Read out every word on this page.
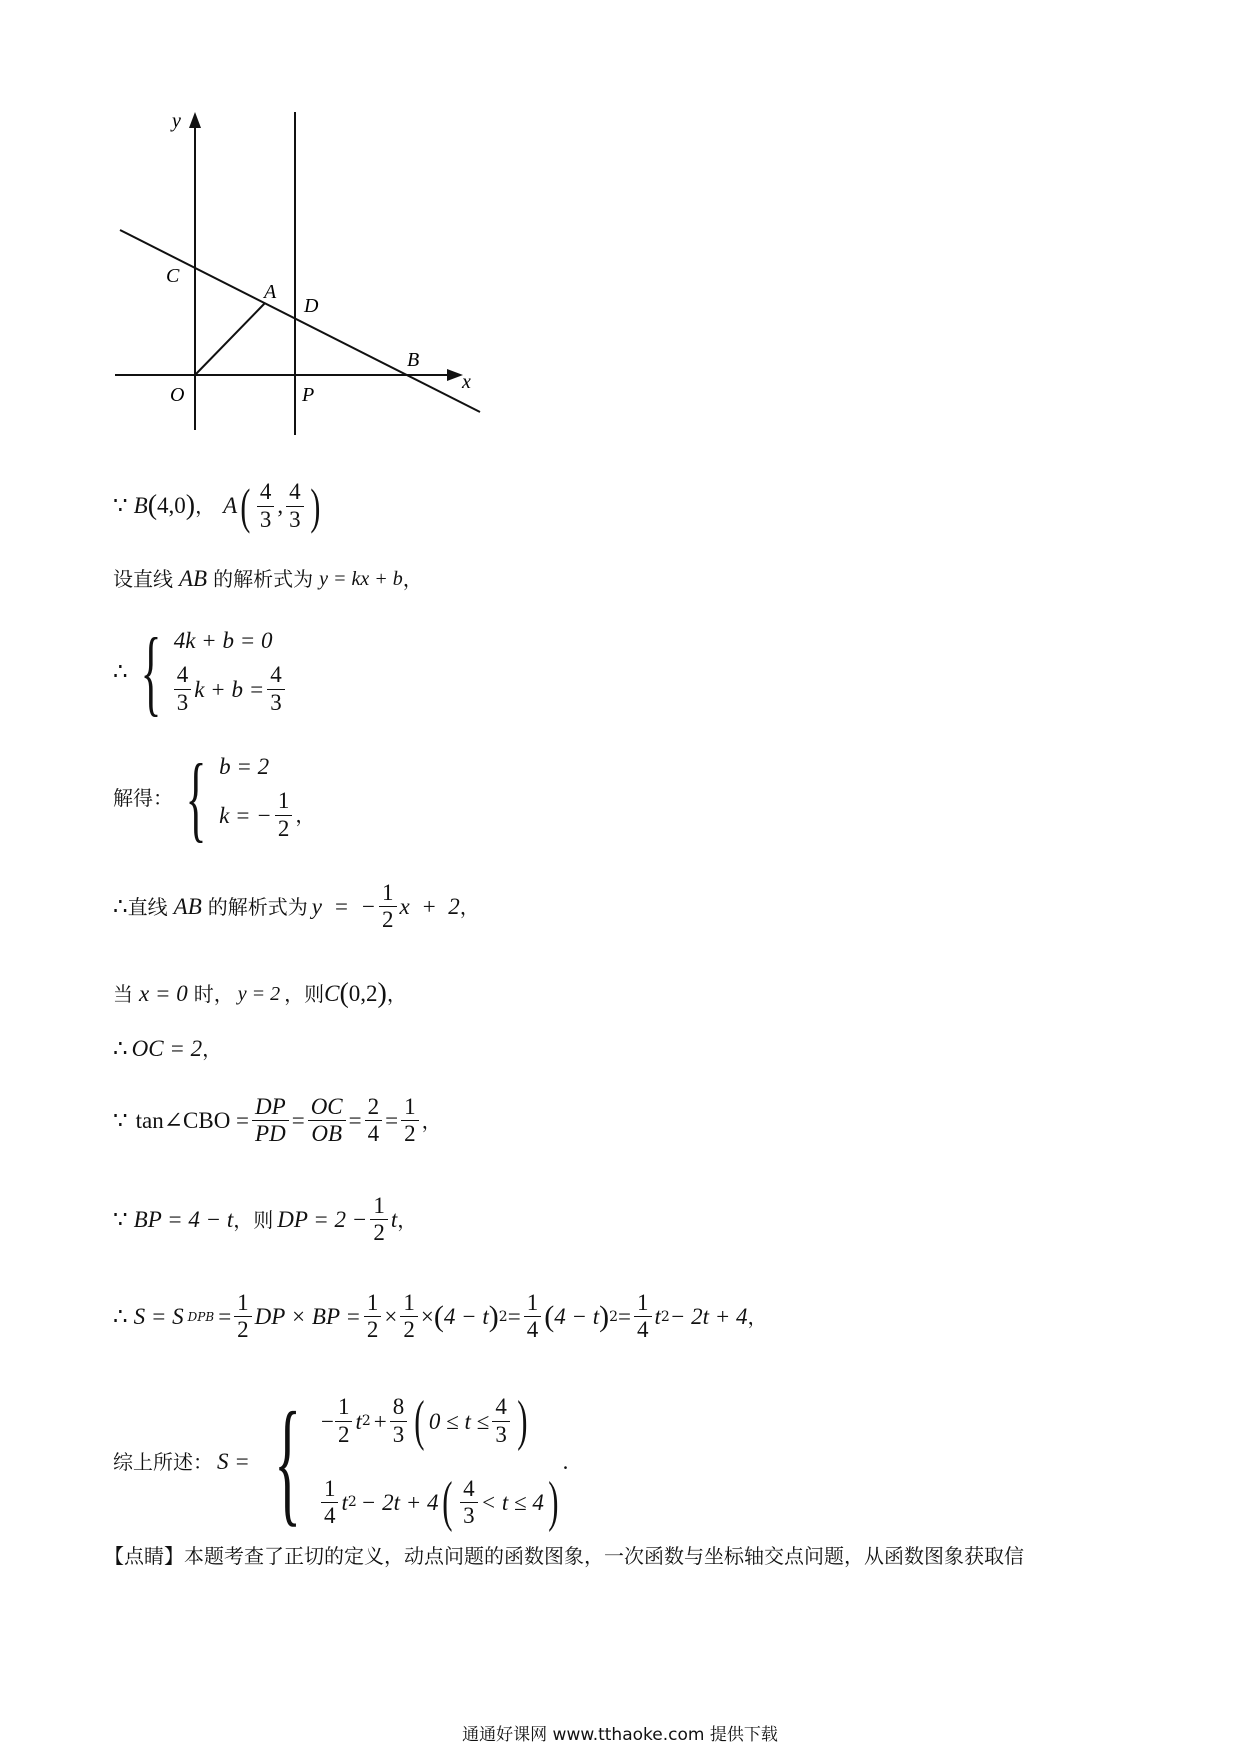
y
x
C
A
D
B
O	P
∵ B ( 4,0 ) ， A ( $\frac{4}{3}$ , $\frac{4}{3}$ )
设直线 AB 的解析式为 y = kx + b ，
∴ { 4k + b = 0
$\frac{4}{3}$ $k + b = \frac{4}{3}$
解得： { b = 2
k = − $\frac{1}{2}$ ，
∴ 直线 AB 的解析式为 y  =  − $\frac{1}{2}$ x  +  2 ，
当 x = 0 时， y = 2 ，则 C ( 0,2 ) ，
∴ OC = 2 ，
∵ tan∠CBO = $\frac{DP}{PD} = \frac{OC}{OB} = \frac{2}{4} = \frac{1}{2}$ ，
∵ BP = 4 − t ，则 DP = $2 - \frac{1}{2}$ t ，
∴ S = S DPB = $\frac{1}{2}$ DP × BP = $\frac{1}{2} \times \frac{1}{2}$ × ( 4 − t ) $2 = \frac{1}{4}$ ( 4 − t ) $2 = \frac{1}{4}$ t 2 − 2t + 4 ，
综上所述： S = { − $\frac{1}{2}$ t $2 + \frac{8}{3}$ ( $0 \le t \le \frac{4}{3}$ )
$\frac{1}{4}$ t 2 − 2t + 4 ( $\frac{4}{3} < t \le 4$ )
.
【点睛】本题考查了正切的定义，动点问题的函数图象，一次函数与坐标轴交点问题，从函数图象获取信
通通好课网 www.tthaoke.com 提供下载
